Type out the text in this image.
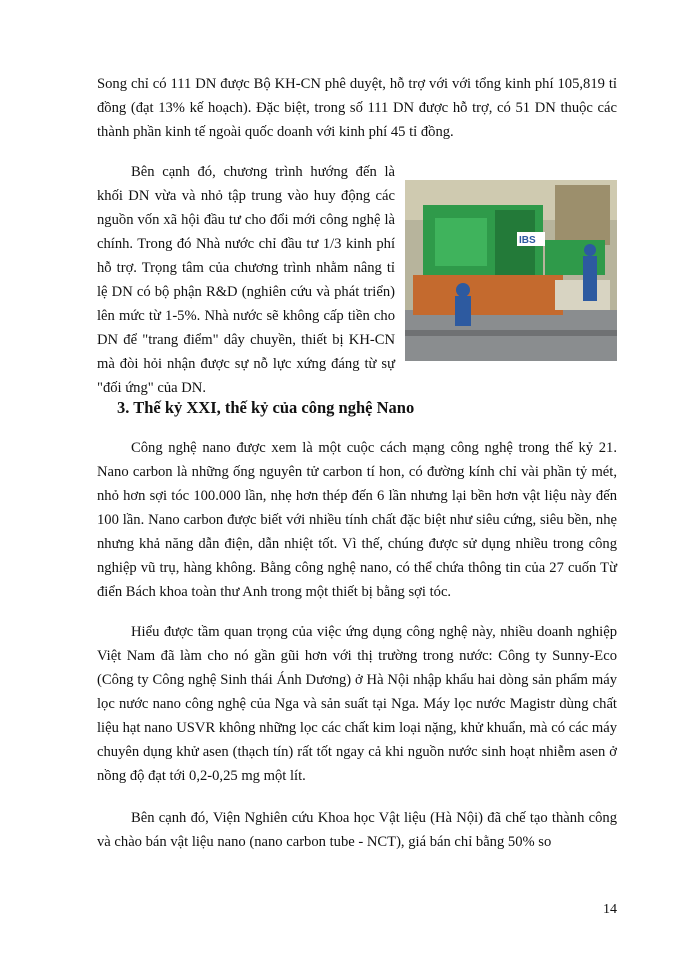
Song chỉ có 111 DN được Bộ KH-CN phê duyệt, hỗ trợ với với tổng kinh phí 105,819 tỉ đồng (đạt 13% kế hoạch). Đặc biệt, trong số 111 DN được hỗ trợ, có 51 DN thuộc các thành phần kinh tế ngoài quốc doanh với kinh phí 45 tỉ đồng.

IBS

Bên cạnh đó, chương trình hướng đến là khối DN vừa và nhỏ tập trung vào huy động các nguồn vốn xã hội đầu tư cho đổi mới công nghệ là chính. Trong đó Nhà nước chỉ đầu tư 1/3 kinh phí hỗ trợ. Trọng tâm của chương trình nhằm nâng tỉ lệ DN có bộ phận R&D (nghiên cứu và phát triển) lên mức từ 1-5%. Nhà nước sẽ không cấp tiền cho DN để "trang điểm" dây chuyền, thiết bị KH-CN mà đòi hỏi nhận được sự nỗ lực xứng đáng từ sự "đối ứng" của DN.

3. Thế kỷ XXI, thế kỷ của công nghệ Nano

Công nghệ nano được xem là một cuộc cách mạng công nghệ trong thế kỷ 21. Nano carbon là những ống nguyên tử carbon tí hon, có đường kính chỉ vài phần tỷ mét, nhỏ hơn sợi tóc 100.000 lần, nhẹ hơn thép đến 6 lần nhưng lại bền hơn vật liệu này đến 100 lần. Nano carbon được biết với nhiều tính chất đặc biệt như siêu cứng, siêu bền, nhẹ nhưng khả năng dẫn điện, dẫn nhiệt tốt. Vì thế, chúng được sử dụng nhiều trong công nghiệp vũ trụ, hàng không. Bằng công nghệ nano, có thể chứa thông tin của 27 cuốn Từ điển Bách khoa toàn thư Anh trong một thiết bị bằng sợi tóc.

Hiểu được tầm quan trọng của việc ứng dụng công nghệ này, nhiều doanh nghiệp Việt Nam đã làm cho nó gần gũi hơn với thị trường trong nước: Công ty Sunny-Eco (Công ty Công nghệ Sinh thái Ánh Dương) ở Hà Nội nhập khẩu hai dòng sản phẩm máy lọc nước nano công nghệ của Nga và sản suất tại Nga. Máy lọc nước Magistr dùng chất liệu hạt nano USVR không những lọc các chất kim loại nặng, khử khuẩn, mà có các máy chuyên dụng khử asen (thạch tín) rất tốt ngay cả khi nguồn nước sinh hoạt nhiễm asen ở nồng độ đạt tới 0,2-0,25 mg một lít.

Bên cạnh đó, Viện Nghiên cứu Khoa học Vật liệu (Hà Nội) đã chế tạo thành công và chào bán vật liệu nano (nano carbon tube - NCT), giá bán chỉ bằng 50% so

14
